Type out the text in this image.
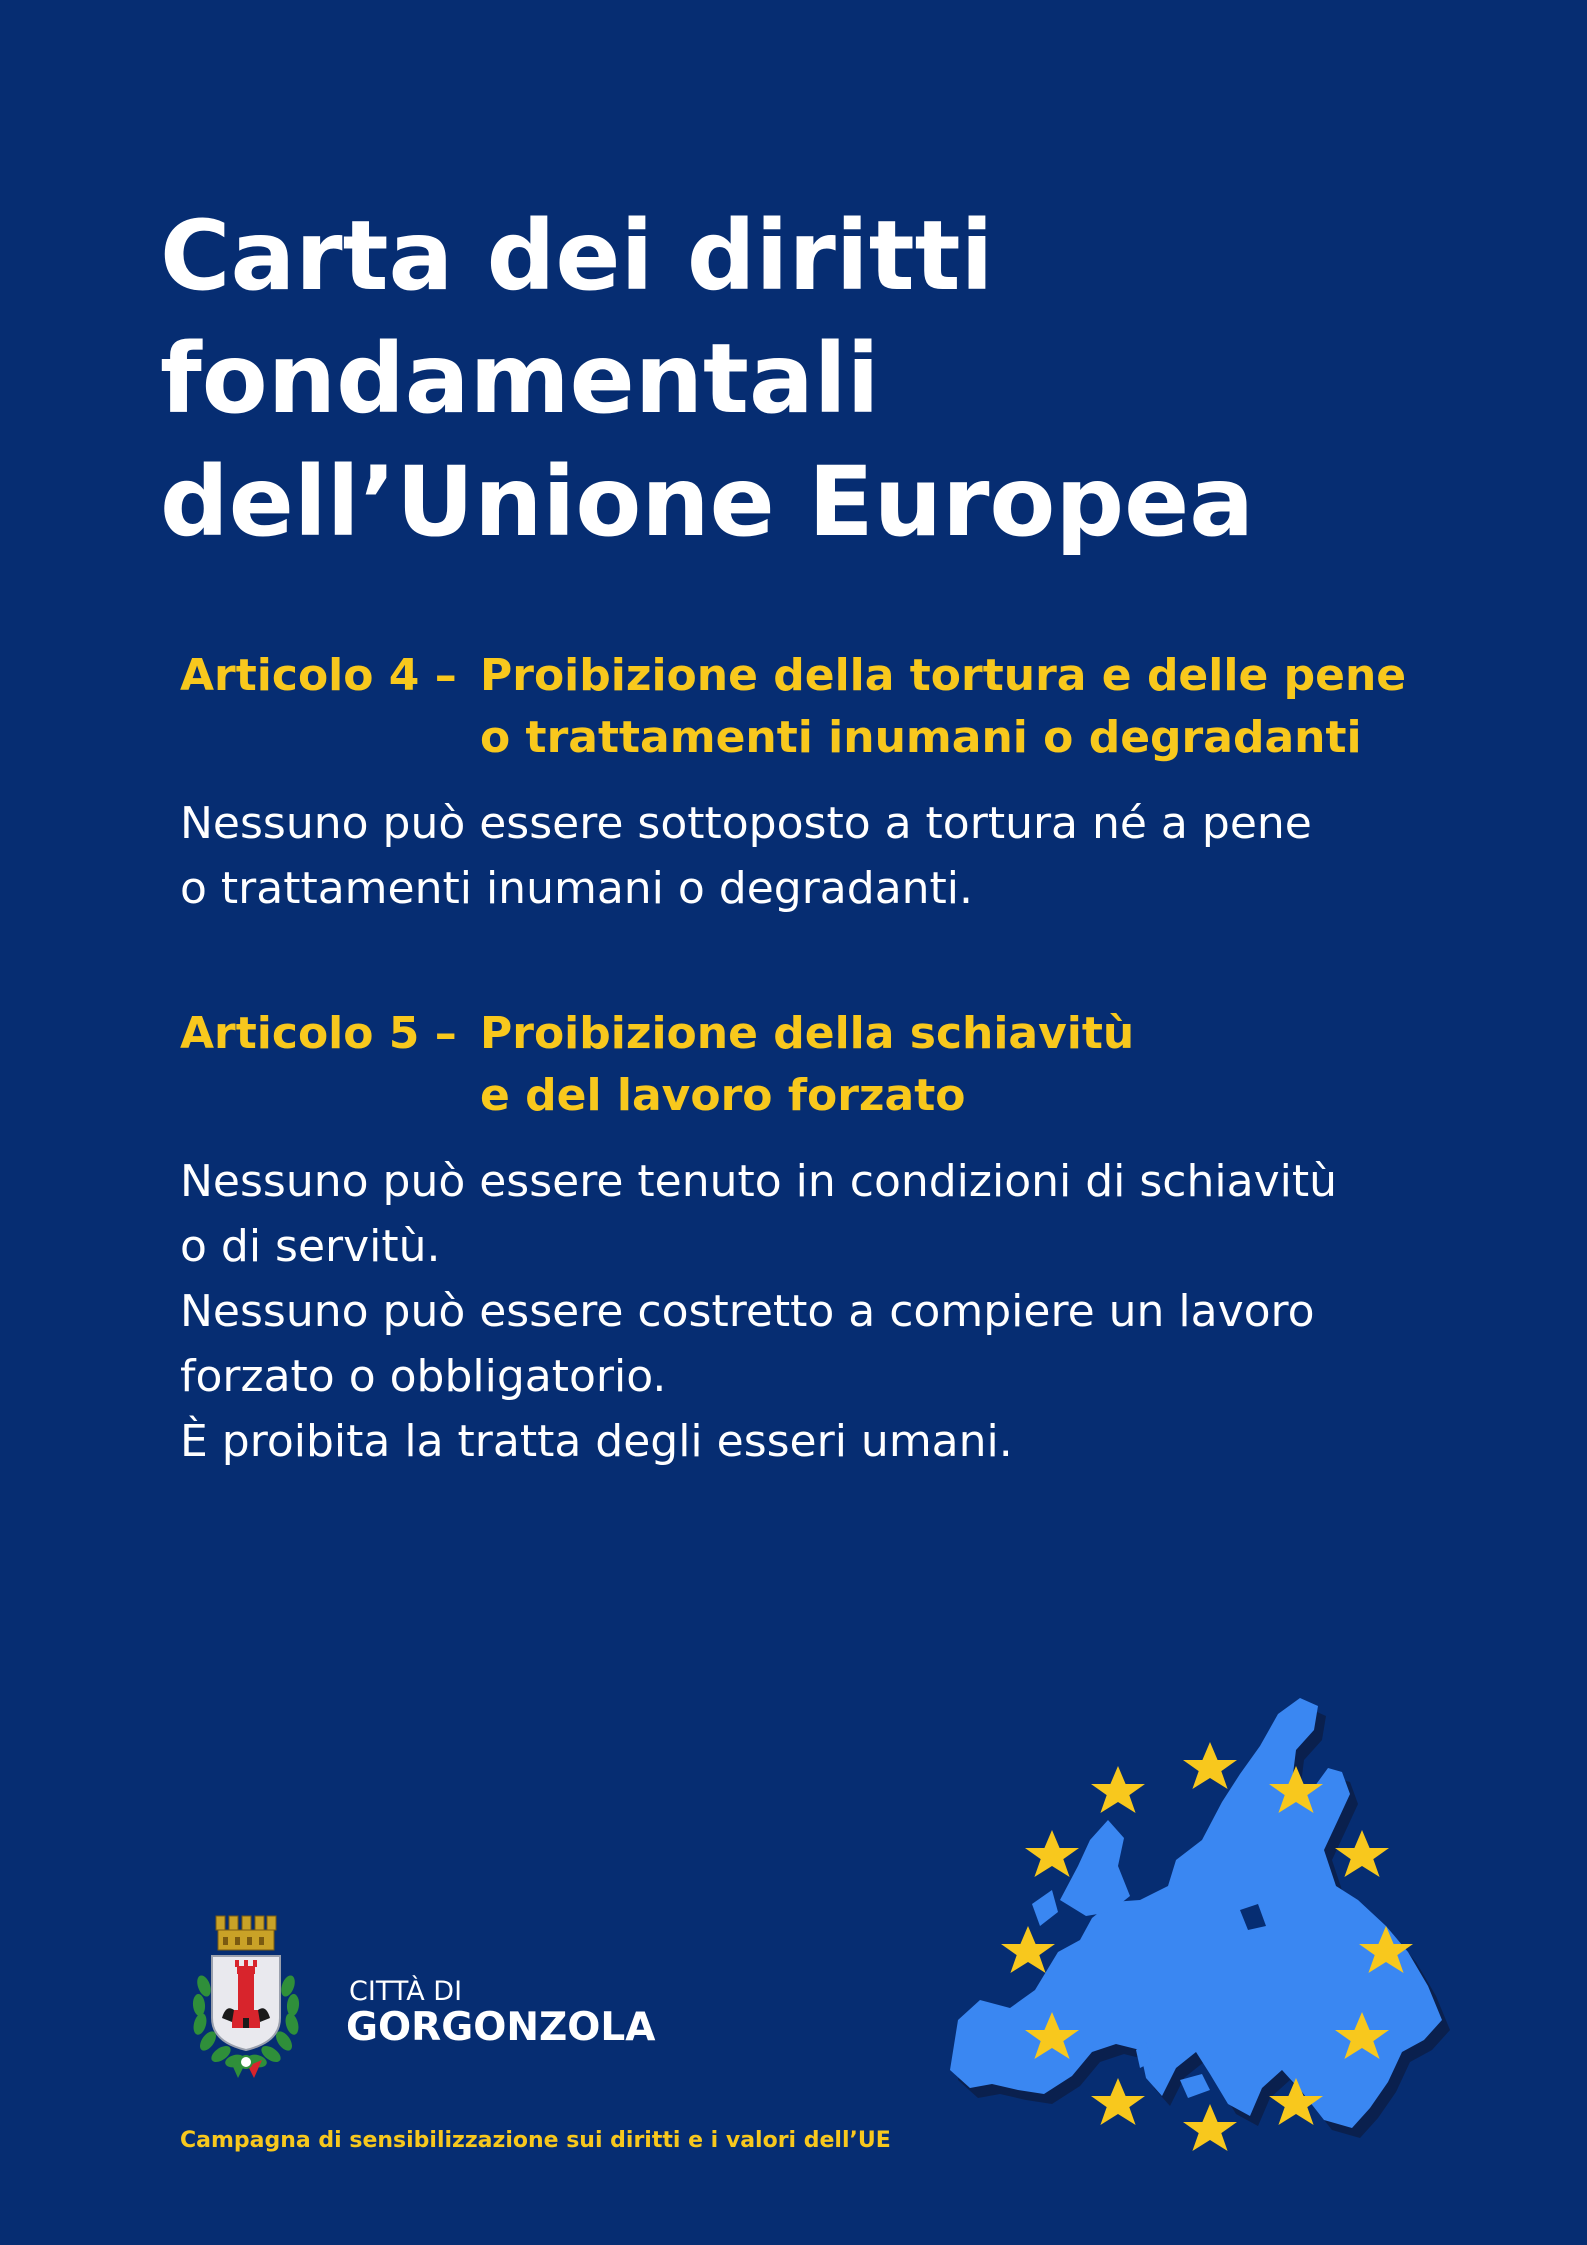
Carta dei diritti
fondamentali
dell’Unione Europea
Articolo 4 – Proibizione della tortura e delle pene
o trattamenti inumani o degradanti
Nessuno può essere sottoposto a tortura né a pene
o trattamenti inumani o degradanti.
Articolo 5 – Proibizione della schiavitù
e del lavoro forzato
Nessuno può essere tenuto in condizioni di schiavitù
o di servitù.
Nessuno può essere costretto a compiere un lavoro
forzato o obbligatorio.
È proibita la tratta degli esseri umani.
CITTÀ DI
GORGONZOLA
Campagna di sensibilizzazione sui diritti e i valori dell’UE
